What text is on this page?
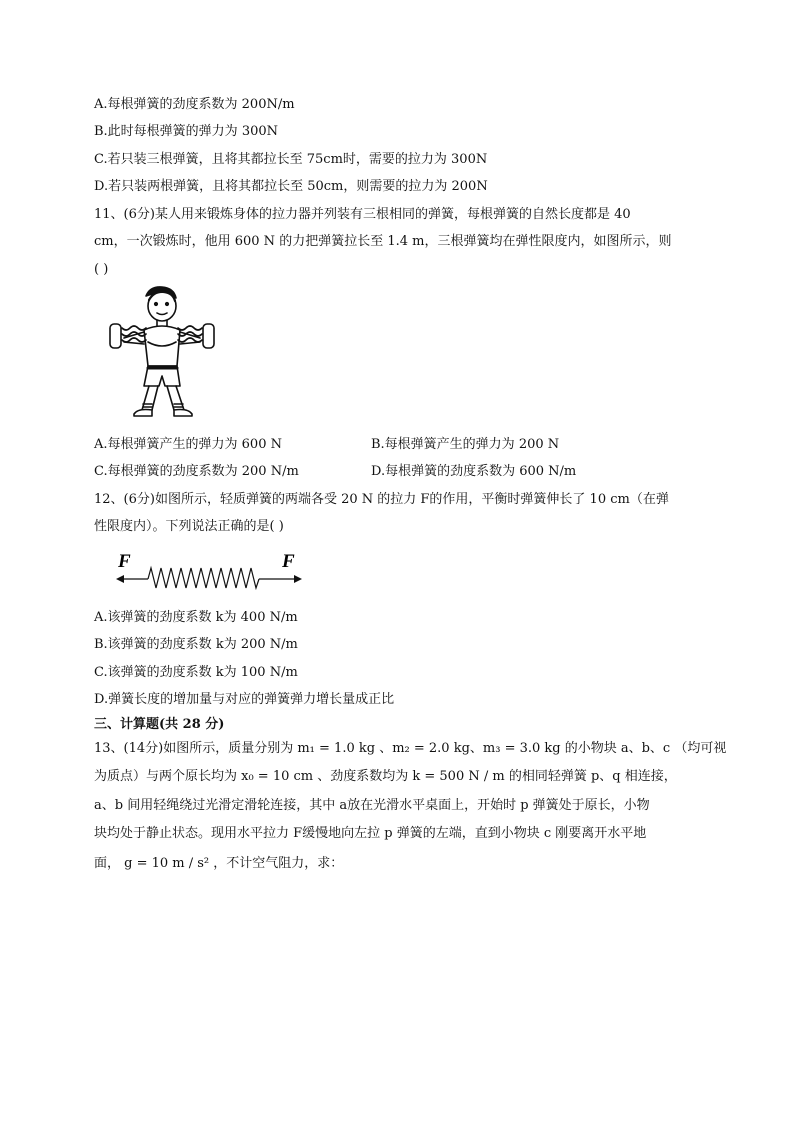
A.每根弹簧的劲度系数为 200N/m
B.此时每根弹簧的弹力为 300N
C.若只装三根弹簧，且将其都拉长至 75cm时，需要的拉力为 300N
D.若只装两根弹簧，且将其都拉长至 50cm，则需要的拉力为 200N
11、(6分)某人用来锻炼身体的拉力器并列装有三根相同的弹簧，每根弹簧的自然长度都是 40
cm，一次锻炼时，他用 600 N 的力把弹簧拉长至 1.4 m，三根弹簧均在弹性限度内，如图所示，则
( )
A.每根弹簧产生的弹力为 600 N	B.每根弹簧产生的弹力为 200 N
C.每根弹簧的劲度系数为 200 N/m	D.每根弹簧的劲度系数为 600 N/m
12、(6分)如图所示，轻质弹簧的两端各受 20 N 的拉力 F的作用，平衡时弹簧伸长了 10 cm（在弹
性限度内）。下列说法正确的是( )
F	F
A.该弹簧的劲度系数 k为 400 N/m
B.该弹簧的劲度系数 k为 200 N/m
C.该弹簧的劲度系数 k为 100 N/m
D.弹簧长度的增加量与对应的弹簧弹力增长量成正比
三、计算题(共 28 分)
13、(14分)如图所示，质量分别为 m₁ = 1.0 kg 、m₂ = 2.0 kg、m₃ = 3.0 kg 的小物块 a、b、c （均可视
为质点）与两个原长均为 x₀ = 10 cm 、劲度系数均为 k = 500 N / m 的相同轻弹簧 p、q 相连接，
a、b 间用轻绳绕过光滑定滑轮连接，其中 a放在光滑水平桌面上，开始时 p 弹簧处于原长，小物
块均处于静止状态。现用水平拉力 F缓慢地向左拉 p 弹簧的左端，直到小物块 c 刚要离开水平地
面， g = 10 m / s² ，不计空气阻力，求：
